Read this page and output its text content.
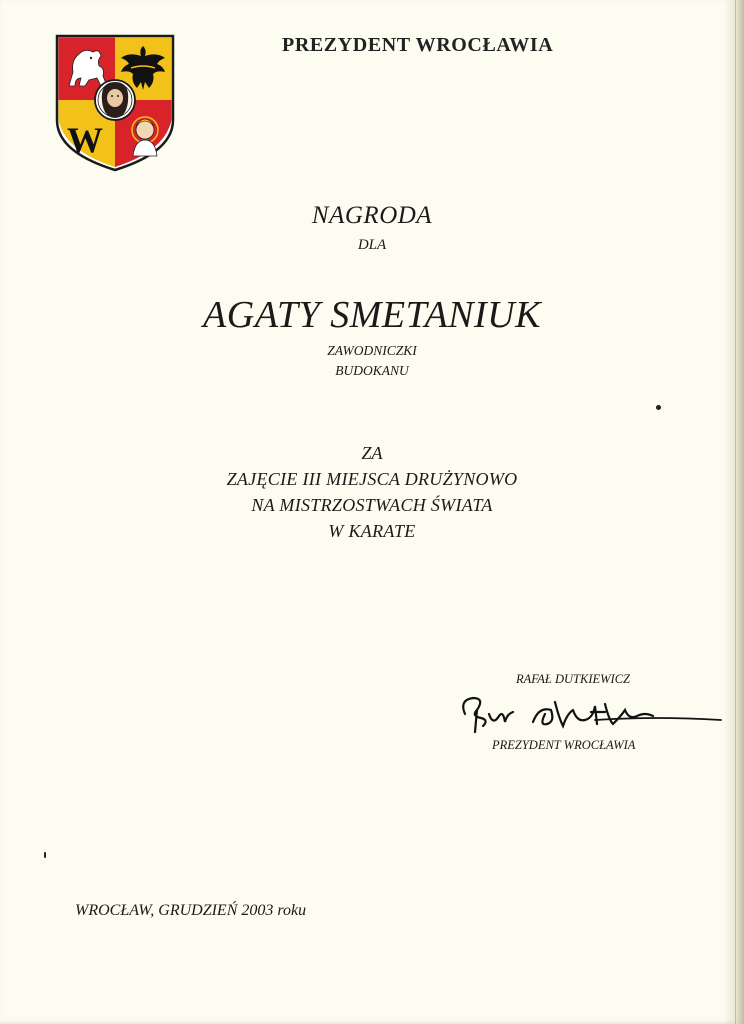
W
PREZYDENT WROCŁAWIA
NAGRODA
DLA
AGATY SMETANIUK
ZAWODNICZKI
BUDOKANU
ZA
ZAJĘCIE III MIEJSCA DRUŻYNOWO
NA MISTRZOSTWACH ŚWIATA
W KARATE
RAFAŁ DUTKIEWICZ
PREZYDENT WROCŁAWIA
WROCŁAW, GRUDZIEŃ 2003 roku
